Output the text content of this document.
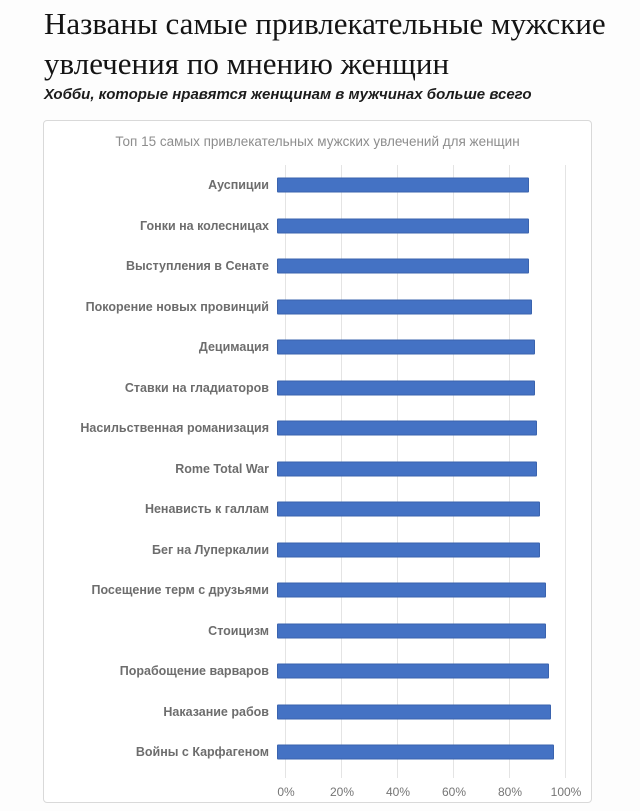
Названы самые привлекательные мужские увлечения по мнению женщин

Хобби, которые нравятся женщинам в мужчинах больше всего

Топ 15 самых привлекательных мужских увлечений для женщин
Ауспиции
Гонки на колесницах
Выступления в Сенате
Покорение новых провинций
Децимация
Ставки на гладиаторов
Насильственная романизация
Rome Total War
Ненависть к галлам
Бег на Луперкалии
Посещение терм с друзьями
Стоицизм
Порабощение варваров
Наказание рабов
Войны с Карфагеном
0%	20%	40%	60%	80% 100%
